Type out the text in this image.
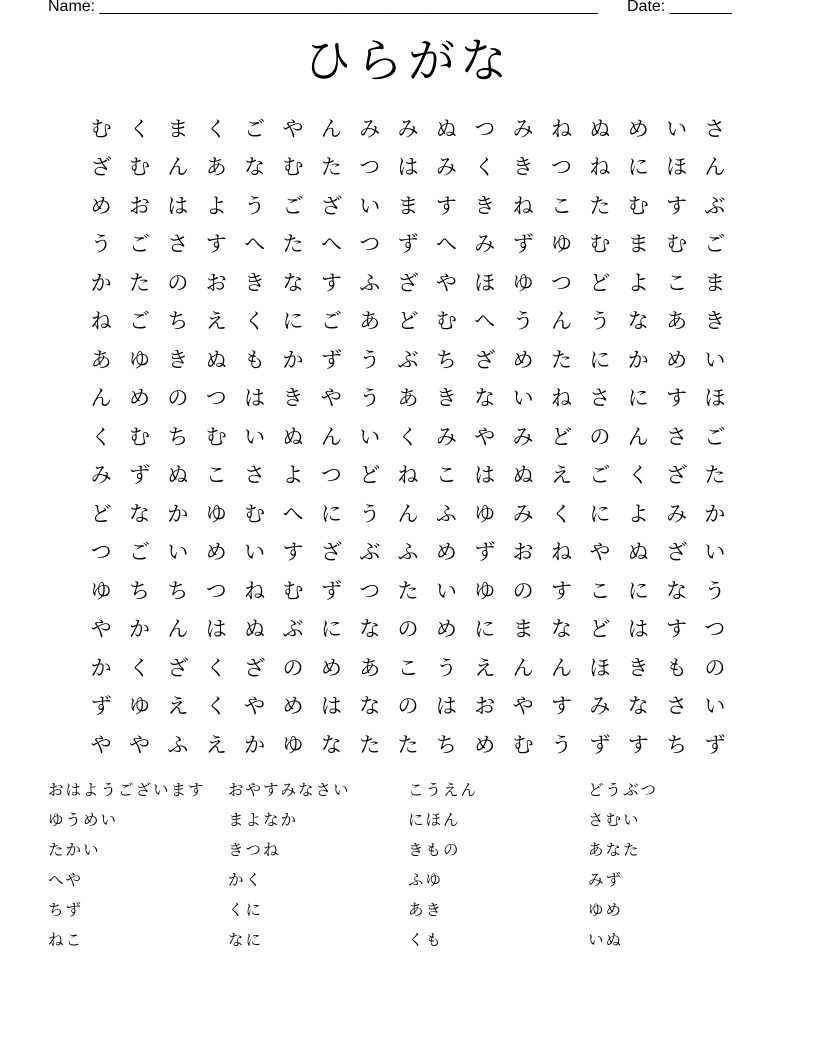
Name: ________________________________________________________ Date: _______
ひらがな
む く ま く ご や ん み み ぬ つ み ね ぬ め い さ
ざ む ん あ な む た つ は み く き つ ね に ほ ん
め お は よ う ご ざ い ま す き ね こ た む す ぶ
う ご さ す へ た へ つ ず へ み ず ゆ む ま む ご
か た の お き な す ふ ざ や ほ ゆ つ ど よ こ ま
ね ご ち え く に ご あ ど む へ う ん う な あ き
あ ゆ き ぬ も か ず う ぶ ち ざ め た に か め い
ん め の つ は き や う あ き な い ね さ に す ほ
く む ち む い ぬ ん い く み や み ど の ん さ ご
み ず ぬ こ さ よ つ ど ね こ は ぬ え ご く ざ た
ど な か ゆ む へ に う ん ふ ゆ み く に よ み か
つ ご い め い す ざ ぶ ふ め ず お ね や ぬ ざ い
ゆ ち ち つ ね む ず つ た い ゆ の す こ に な う
や か ん は ぬ ぶ に な の め に ま な ど は す つ
か く ざ く ざ の め あ こ う え ん ん ほ き も の
ず ゆ え く や め は な の は お や す み な さ い
や や ふ え か ゆ な た た ち め む う ず す ち ず
おはようございます	おやすみなさい	こうえん	どうぶつ
ゆうめい	まよなか	にほん	さむい
たかい	きつね	きもの	あなた
へや	かく	ふゆ	みず
ちず	くに	あき	ゆめ
ねこ	なに	くも	いぬ
